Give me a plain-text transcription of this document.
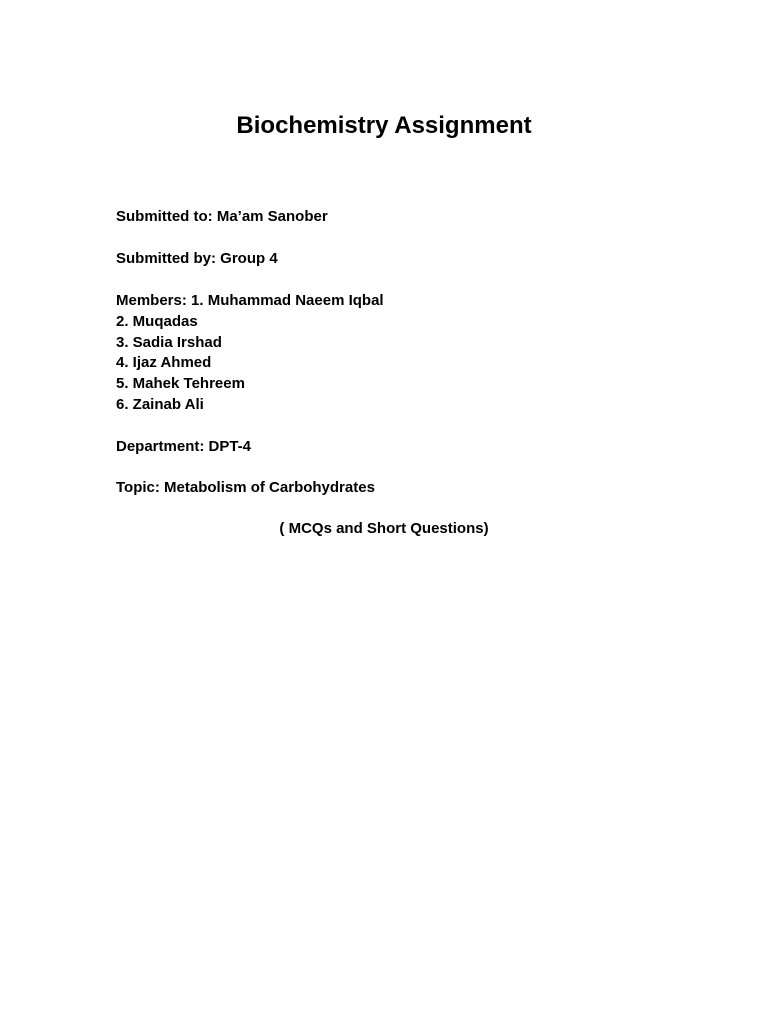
Biochemistry Assignment
Submitted to: Ma’am Sanober
Submitted by: Group 4
Members: 1. Muhammad Naeem Iqbal
2. Muqadas
3. Sadia Irshad
4. Ijaz Ahmed
5. Mahek Tehreem
6. Zainab Ali
Department: DPT-4
Topic: Metabolism of Carbohydrates
( MCQs and Short Questions)
